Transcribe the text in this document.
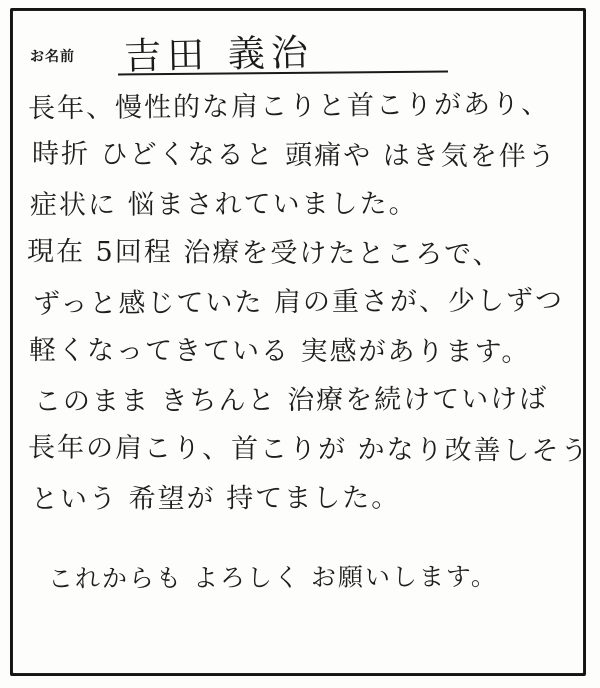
お名前 吉田 義治
長年、慢性的な肩こりと首こりがあり、
時折 ひどくなると 頭痛や はき気を伴う
症状に 悩まされていました。
現在 5回程 治療を受けたところで、
ずっと感じていた 肩の重さが、少しずつ
軽くなってきている 実感があります。
このまま きちんと 治療を続けていけば
長年の肩こり、首こりが かなり改善しそう
という 希望が 持てました。
これからも よろしく お願いします。
